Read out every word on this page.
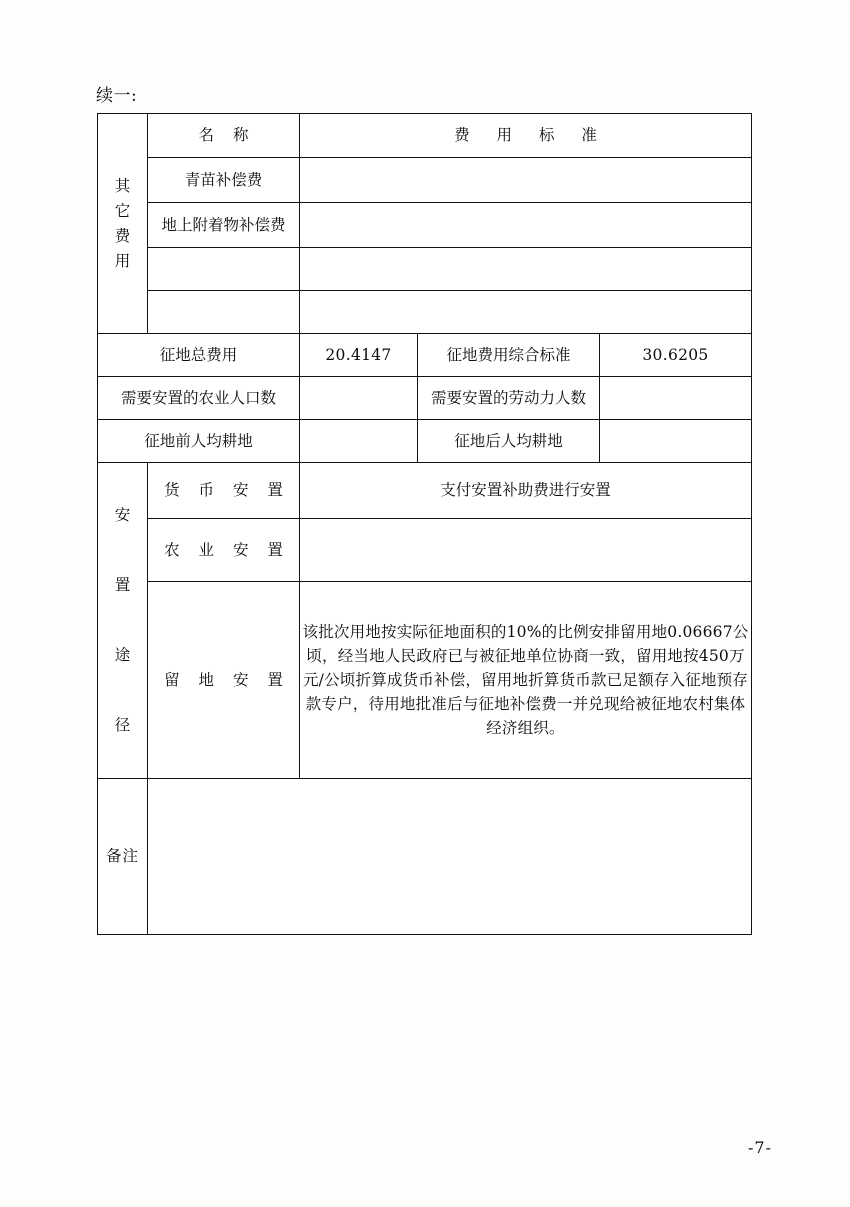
续一:
其
它
费
用	名 称	费 用 标 准		
	青苗补偿费			
	地上附着物补偿费			

征地总费用		20.4147	征地费用综合标准	30.6205
需要安置的农业人口数			需要安置的劳动力人数	
征地前人均耕地			征地后人均耕地	

安
置
途
径	货 币 安 置	支付安置补助费进行安置		
	农 业 安 置			
	留 地 安 置	该批次用地按实际征地面积的10%的比例安排留用地0.06667公顷，经当地人民政府已与被征地单位协商一致，留用地按450万元/公顷折算成货币补偿，留用地折算货币款已足额存入征地预存款专户，待用地批准后与征地补偿费一并兑现给被征地农村集体经济组织。		
备注				
-7-
